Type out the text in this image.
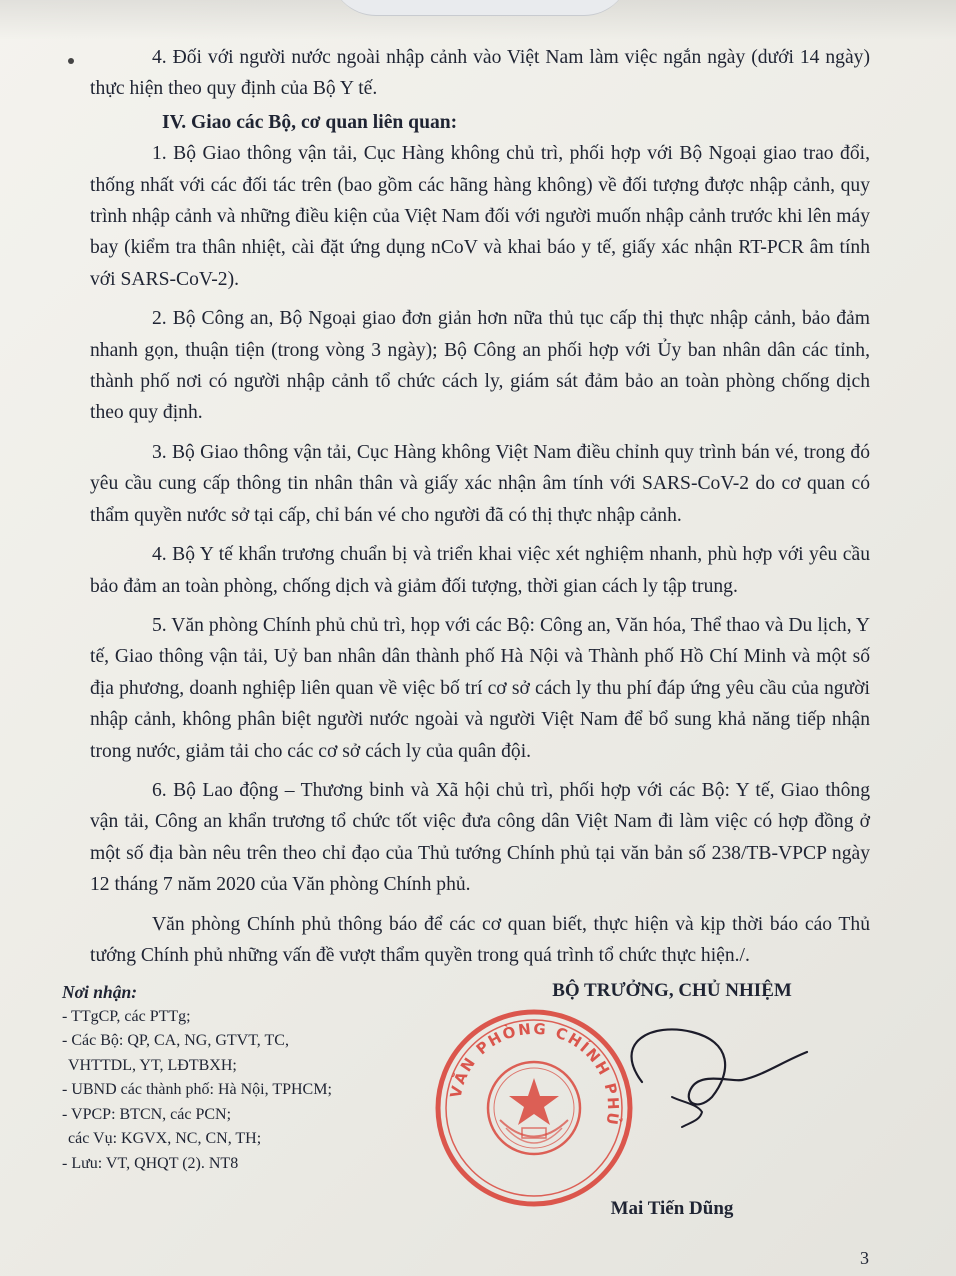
4. Đối với người nước ngoài nhập cảnh vào Việt Nam làm việc ngắn ngày (dưới 14 ngày) thực hiện theo quy định của Bộ Y tế.

IV. Giao các Bộ, cơ quan liên quan:

1. Bộ Giao thông vận tải, Cục Hàng không chủ trì, phối hợp với Bộ Ngoại giao trao đổi, thống nhất với các đối tác trên (bao gồm các hãng hàng không) về đối tượng được nhập cảnh, quy trình nhập cảnh và những điều kiện của Việt Nam đối với người muốn nhập cảnh trước khi lên máy bay (kiểm tra thân nhiệt, cài đặt ứng dụng nCoV và khai báo y tế, giấy xác nhận RT-PCR âm tính với SARS-CoV-2).

2. Bộ Công an, Bộ Ngoại giao đơn giản hơn nữa thủ tục cấp thị thực nhập cảnh, bảo đảm nhanh gọn, thuận tiện (trong vòng 3 ngày); Bộ Công an phối hợp với Ủy ban nhân dân các tỉnh, thành phố nơi có người nhập cảnh tổ chức cách ly, giám sát đảm bảo an toàn phòng chống dịch theo quy định.

3. Bộ Giao thông vận tải, Cục Hàng không Việt Nam điều chỉnh quy trình bán vé, trong đó yêu cầu cung cấp thông tin nhân thân và giấy xác nhận âm tính với SARS-CoV-2 do cơ quan có thẩm quyền nước sở tại cấp, chỉ bán vé cho người đã có thị thực nhập cảnh.

4. Bộ Y tế khẩn trương chuẩn bị và triển khai việc xét nghiệm nhanh, phù hợp với yêu cầu bảo đảm an toàn phòng, chống dịch và giảm đối tượng, thời gian cách ly tập trung.

5. Văn phòng Chính phủ chủ trì, họp với các Bộ: Công an, Văn hóa, Thể thao và Du lịch, Y tế, Giao thông vận tải, Uỷ ban nhân dân thành phố Hà Nội và Thành phố Hồ Chí Minh và một số địa phương, doanh nghiệp liên quan về việc bố trí cơ sở cách ly thu phí đáp ứng yêu cầu của người nhập cảnh, không phân biệt người nước ngoài và người Việt Nam để bổ sung khả năng tiếp nhận trong nước, giảm tải cho các cơ sở cách ly của quân đội.

6. Bộ Lao động – Thương binh và Xã hội chủ trì, phối hợp với các Bộ: Y tế, Giao thông vận tải, Công an khẩn trương tổ chức tốt việc đưa công dân Việt Nam đi làm việc có hợp đồng ở một số địa bàn nêu trên theo chỉ đạo của Thủ tướng Chính phủ tại văn bản số 238/TB-VPCP ngày 12 tháng 7 năm 2020 của Văn phòng Chính phủ.

Văn phòng Chính phủ thông báo để các cơ quan biết, thực hiện và kịp thời báo cáo Thủ tướng Chính phủ những vấn đề vượt thẩm quyền trong quá trình tổ chức thực hiện./.

Nơi nhận:
- TTgCP, các PTTg;
- Các Bộ: QP, CA, NG, GTVT, TC,
VHTTDL, YT, LĐTBXH;
- UBND các thành phố: Hà Nội, TPHCM;
- VPCP: BTCN, các PCN;
các Vụ: KGVX, NC, CN, TH;
- Lưu: VT, QHQT (2). NT8
BỘ TRƯỞNG, CHỦ NHIỆM
VĂN PHÒNG CHÍNH PHỦ
Mai Tiến Dũng
3
